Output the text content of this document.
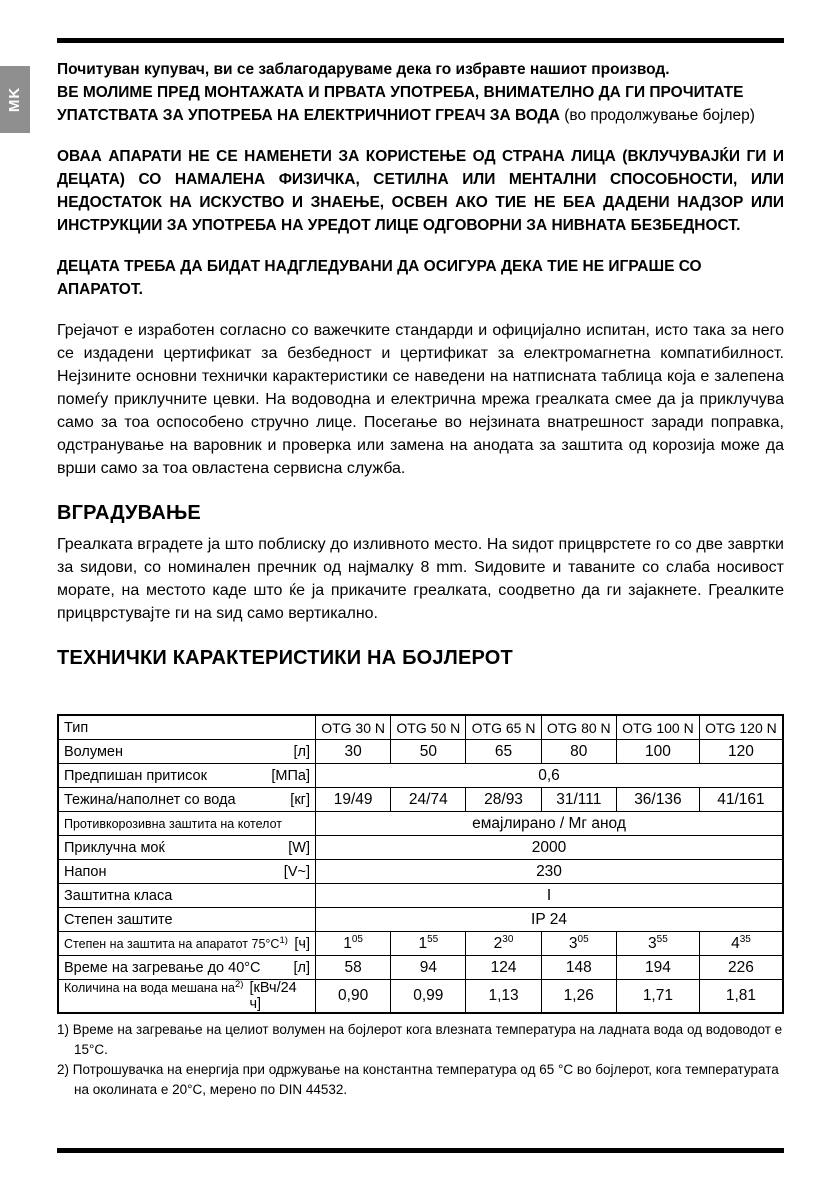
MK

Почитуван купувач, ви се заблагодаруваме дека го избравте нашиот производ.
ВЕ МОЛИМЕ ПРЕД МОНТАЖАТА И ПРВАТА УПОТРЕБА, ВНИМАТЕЛНО ДА ГИ ПРОЧИТАТЕ УПАТСТВАТА ЗА УПОТРЕБА НА ЕЛЕКТРИЧНИОТ ГРЕАЧ ЗА ВОДА (во продолжување бојлер)

ОВАА АПАРАТИ НЕ СЕ НАМЕНЕТИ ЗА КОРИСТЕЊЕ ОД СТРАНА ЛИЦА (ВКЛУЧУВАЈЌИ ГИ И ДЕЦАТА) СО НАМАЛЕНА ФИЗИЧКА, СЕТИЛНА ИЛИ МЕНТАЛНИ СПОСОБНОСТИ, ИЛИ НЕДОСТАТОК НА ИСКУСТВО И ЗНАЕЊЕ, ОСВЕН АКО ТИЕ НЕ БЕА ДАДЕНИ НАДЗОР ИЛИ ИНСТРУКЦИИ ЗА УПОТРЕБА НА УРЕДОТ ЛИЦЕ ОДГОВОРНИ ЗА НИВНАТА БЕЗБЕДНОСТ.

ДЕЦАТА ТРЕБА ДА БИДАТ НАДГЛЕДУВАНИ ДА ОСИГУРА ДЕКА ТИЕ НЕ ИГРАШЕ СО АПАРАТОТ.

Грејачот е изработен согласно со важечките стандарди и официјално испитан, исто така за него се издадени цертификат за безбедност и цертификат за електромагнетна компатибилност. Нејзините основни технички карактеристики се наведени на натписната таблица која е залепена помеѓу приклучните цевки. На водоводна и електрична мрежа греалката смее да ја приклучува само за тоа оспособено стручно лице. Посегање во нејзината внатрешност заради поправка, одстранување на варовник и проверка или замена на анодата за заштита од корозија може да врши само за тоа овластена сервисна служба.

ВГРАДУВАЊЕ

Греалката вградете ја што поблиску до изливното место. На ѕидот прицврстете го со две завртки за ѕидови, со номинален пречник од најмалку 8 mm. Ѕидовите и таваните со слаба носивост морате, на местото каде што ќе ја прикачите греалката, соодветно да ги зајакнете. Греалките прицврстувајте ги на ѕид само вертикално.

ТЕХНИЧКИ КАРАКТЕРИСТИКИ НА БОЈЛЕРОТ
Тип	OTG 30 N	OTG 50 N	OTG 65 N	OTG 80 N	OTG 100 N	OTG 120 N

Волумен [л]	30	50	65	80	100	120

Предпишан притисок [МПа]	0,6					

Тежина/наполнет со вода [кг]	19/49	24/74	28/93	31/111	36/136	41/161

Противкорозивна заштита на котелот	емајлирано / Мг анод					

Приклучна моќ [W]	2000					

Напон [V~]	230					

Заштитна класа	I					

Степен заштите	IP 24					

Степен на заштита на апаратот $75^\circ C^{1)}$ [ч]	$1^{05}$	$1^{55}$	$2^{30}$	$3^{05}$	$3^{55}$	$4^{35}$

Време на загревање до 40°C [л]	58	94	124	148	194	226

Количина на вода мешана $на^{2)}$ [кВч/24 ч]	0,90	0,99	1,13	1,26	1,71	1,81

1) Време на загревање на целиот волумен на бојлерот кога влезната температура на ладната вода од водоводот е 15°C.

2) Потрошувачка на енергија при одржување на константна температура од 65 °C во бојлерот, кога температурата на околината е 20°C, мерено по DIN 44532.
